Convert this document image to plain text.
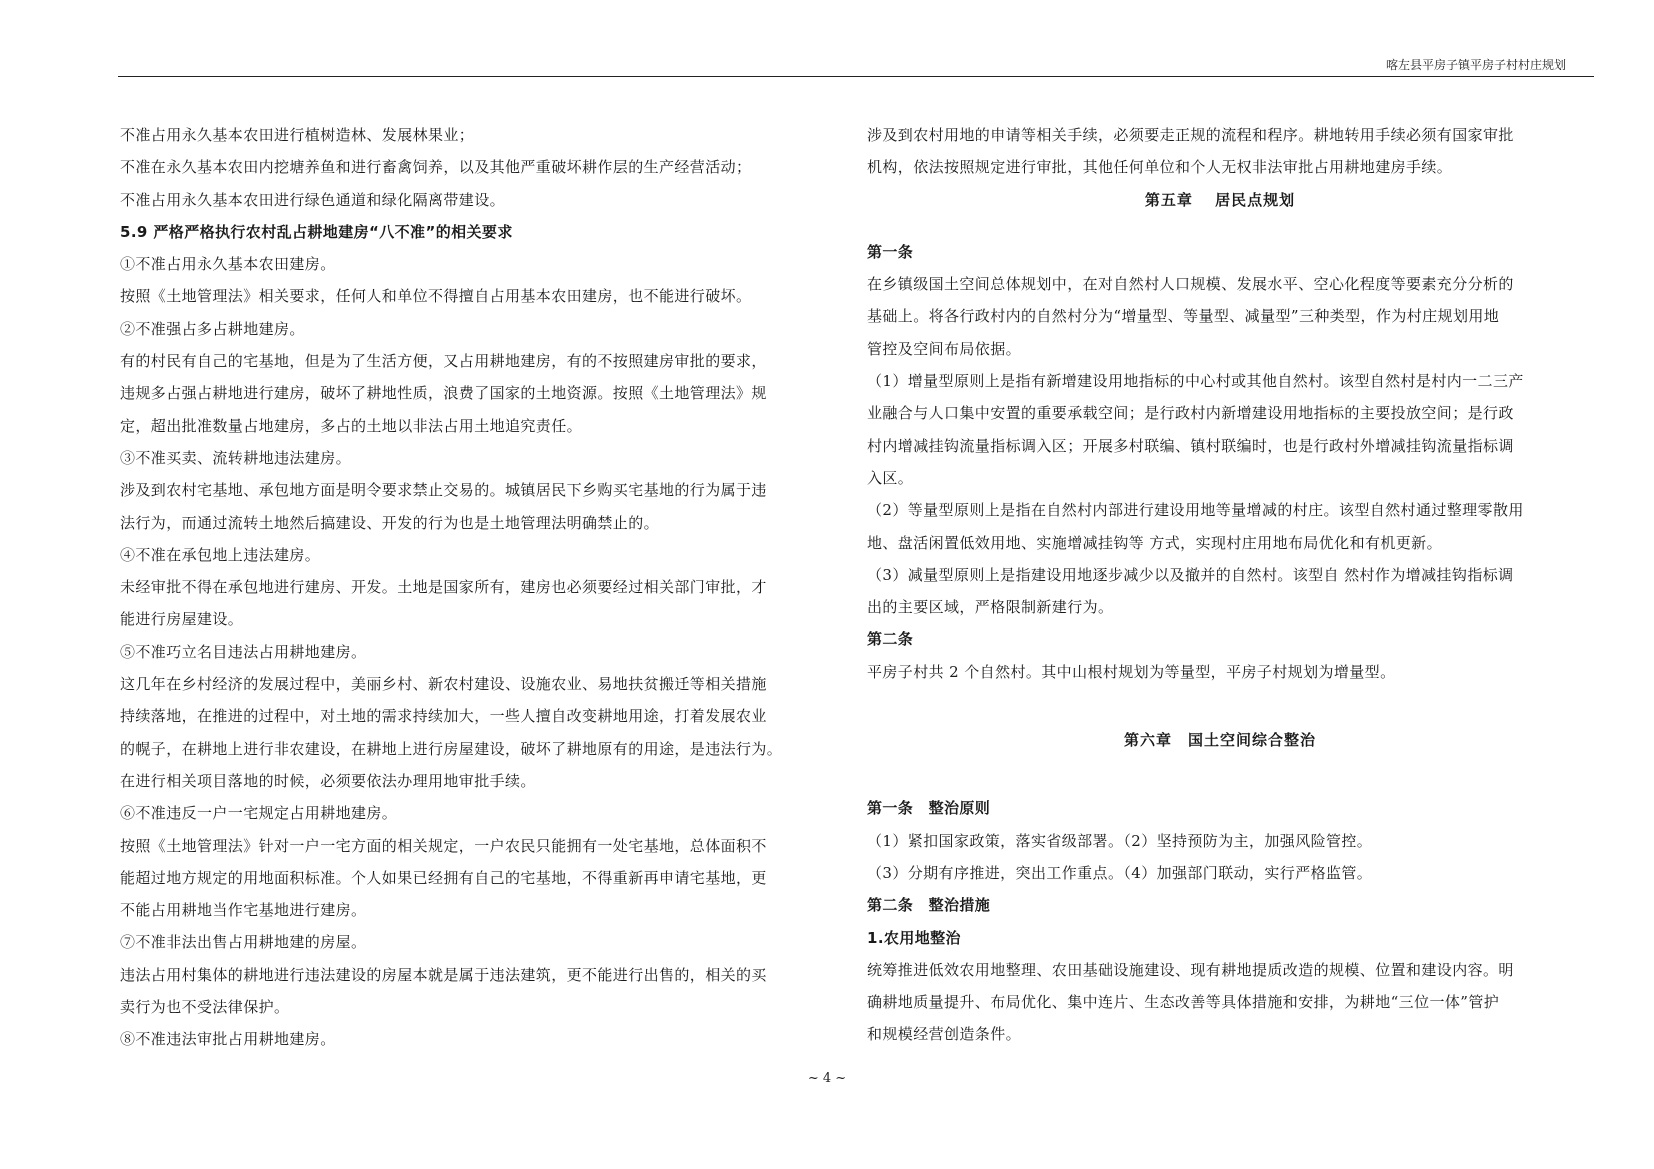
喀左县平房子镇平房子村村庄规划
不准占用永久基本农田进行植树造林、发展林果业；
不准在永久基本农田内挖塘养鱼和进行畜禽饲养，以及其他严重破坏耕作层的生产经营活动；
不准占用永久基本农田进行绿色通道和绿化隔离带建设。
5.9 严格严格执行农村乱占耕地建房“八不准”的相关要求
①不准占用永久基本农田建房。
按照《土地管理法》相关要求，任何人和单位不得擅自占用基本农田建房，也不能进行破坏。
②不准强占多占耕地建房。
有的村民有自己的宅基地，但是为了生活方便，又占用耕地建房，有的不按照建房审批的要求，
违规多占强占耕地进行建房，破坏了耕地性质，浪费了国家的土地资源。按照《土地管理法》规
定，超出批准数量占地建房，多占的土地以非法占用土地追究责任。
③不准买卖、流转耕地违法建房。
涉及到农村宅基地、承包地方面是明令要求禁止交易的。城镇居民下乡购买宅基地的行为属于违
法行为，而通过流转土地然后搞建设、开发的行为也是土地管理法明确禁止的。
④不准在承包地上违法建房。
未经审批不得在承包地进行建房、开发。土地是国家所有，建房也必须要经过相关部门审批，才
能进行房屋建设。
⑤不准巧立名目违法占用耕地建房。
这几年在乡村经济的发展过程中，美丽乡村、新农村建设、设施农业、易地扶贫搬迁等相关措施
持续落地，在推进的过程中，对土地的需求持续加大，一些人擅自改变耕地用途，打着发展农业
的幌子，在耕地上进行非农建设，在耕地上进行房屋建设，破坏了耕地原有的用途，是违法行为。
在进行相关项目落地的时候，必须要依法办理用地审批手续。
⑥不准违反一户一宅规定占用耕地建房。
按照《土地管理法》针对一户一宅方面的相关规定，一户农民只能拥有一处宅基地，总体面积不
能超过地方规定的用地面积标准。个人如果已经拥有自己的宅基地，不得重新再申请宅基地，更
不能占用耕地当作宅基地进行建房。
⑦不准非法出售占用耕地建的房屋。
违法占用村集体的耕地进行违法建设的房屋本就是属于违法建筑，更不能进行出售的，相关的买
卖行为也不受法律保护。
⑧不准违法审批占用耕地建房。
涉及到农村用地的申请等相关手续，必须要走正规的流程和程序。耕地转用手续必须有国家审批
机构，依法按照规定进行审批，其他任何单位和个人无权非法审批占用耕地建房手续。
第五章　 居民点规划
第一条
在乡镇级国土空间总体规划中，在对自然村人口规模、发展水平、空心化程度等要素充分分析的
基础上。将各行政村内的自然村分为“增量型、等量型、减量型”三种类型，作为村庄规划用地
管控及空间布局依据。
（1）增量型原则上是指有新增建设用地指标的中心村或其他自然村。该型自然村是村内一二三产
业融合与人口集中安置的重要承载空间；是行政村内新增建设用地指标的主要投放空间；是行政
村内增减挂钩流量指标调入区；开展多村联编、镇村联编时，也是行政村外增减挂钩流量指标调
入区。
（2）等量型原则上是指在自然村内部进行建设用地等量增减的村庄。该型自然村通过整理零散用
地、盘活闲置低效用地、实施增减挂钩等 方式，实现村庄用地布局优化和有机更新。
（3）减量型原则上是指建设用地逐步减少以及撤并的自然村。该型自 然村作为增减挂钩指标调
出的主要区域，严格限制新建行为。
第二条
平房子村共 2 个自然村。其中山根村规划为等量型，平房子村规划为增量型。
第六章　国土空间综合整治
第一条　整治原则
（1）紧扣国家政策，落实省级部署。（2）坚持预防为主，加强风险管控。
（3）分期有序推进，突出工作重点。（4）加强部门联动，实行严格监管。
第二条　整治措施
1.农用地整治
统筹推进低效农用地整理、农田基础设施建设、现有耕地提质改造的规模、位置和建设内容。明
确耕地质量提升、布局优化、集中连片、生态改善等具体措施和安排，为耕地“三位一体”管护
和规模经营创造条件。
~ 4 ~
